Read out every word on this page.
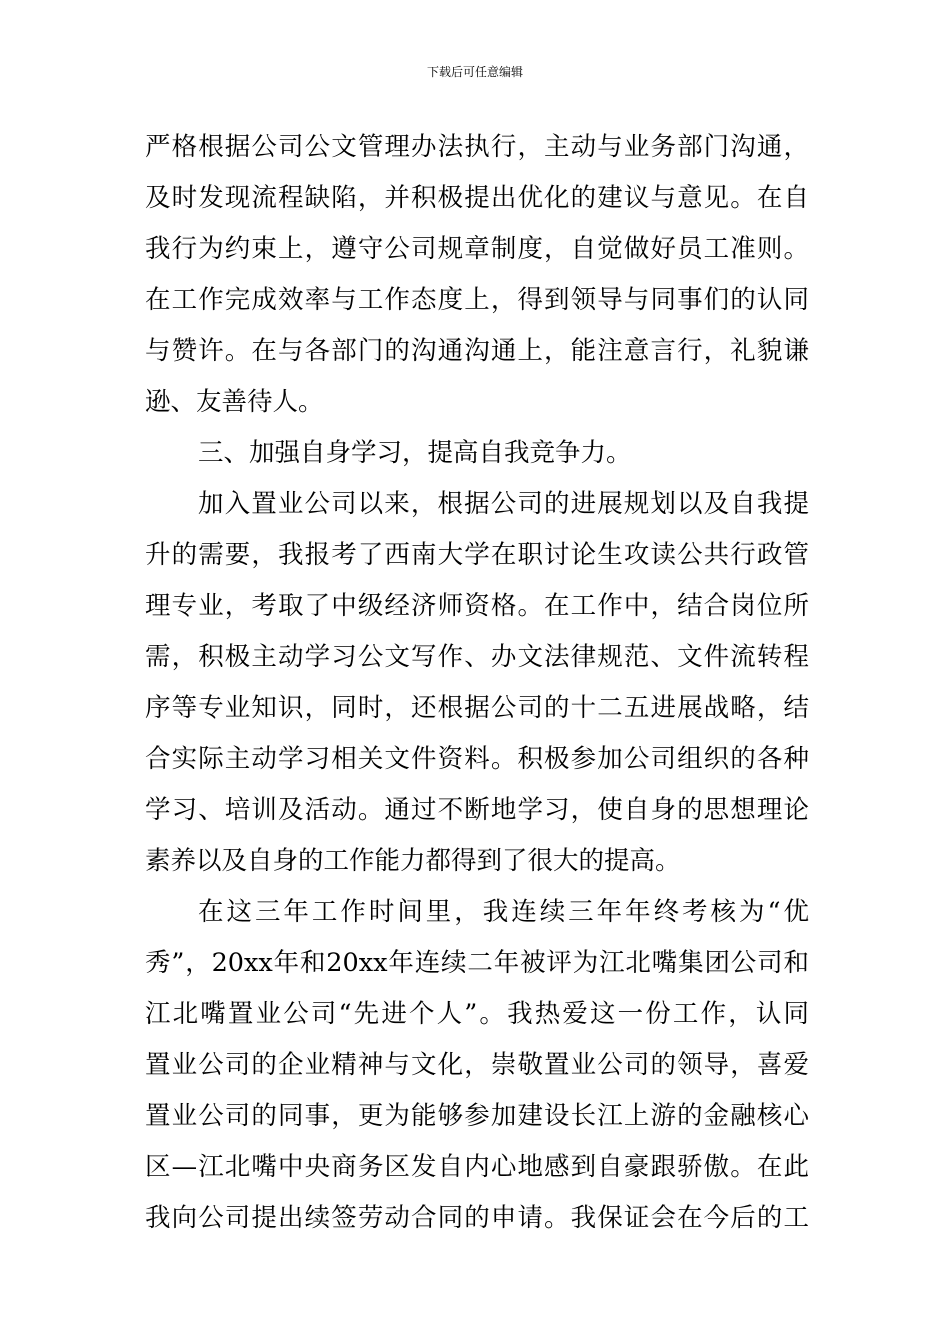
下载后可任意编辑
严格根据公司公文管理办法执行，主动与业务部门沟通，
及时发现流程缺陷，并积极提出优化的建议与意见。在自
我行为约束上，遵守公司规章制度，自觉做好员工准则。
在工作完成效率与工作态度上，得到领导与同事们的认同
与赞许。在与各部门的沟通沟通上，能注意言行，礼貌谦
逊、友善待人。
三、加强自身学习，提高自我竞争力。
加入置业公司以来，根据公司的进展规划以及自我提
升的需要，我报考了西南大学在职讨论生攻读公共行政管
理专业，考取了中级经济师资格。在工作中，结合岗位所
需，积极主动学习公文写作、办文法律规范、文件流转程
序等专业知识，同时，还根据公司的十二五进展战略，结
合实际主动学习相关文件资料。积极参加公司组织的各种
学习、培训及活动。通过不断地学习，使自身的思想理论
素养以及自身的工作能力都得到了很大的提高。
在这三年工作时间里，我连续三年年终考核为“优
秀”，20xx年和20xx年连续二年被评为江北嘴集团公司和
江北嘴置业公司“先进个人”。我热爱这一份工作，认同
置业公司的企业精神与文化，崇敬置业公司的领导，喜爱
置业公司的同事，更为能够参加建设长江上游的金融核心
区—江北嘴中央商务区发自内心地感到自豪跟骄傲。在此
我向公司提出续签劳动合同的申请。我保证会在今后的工
